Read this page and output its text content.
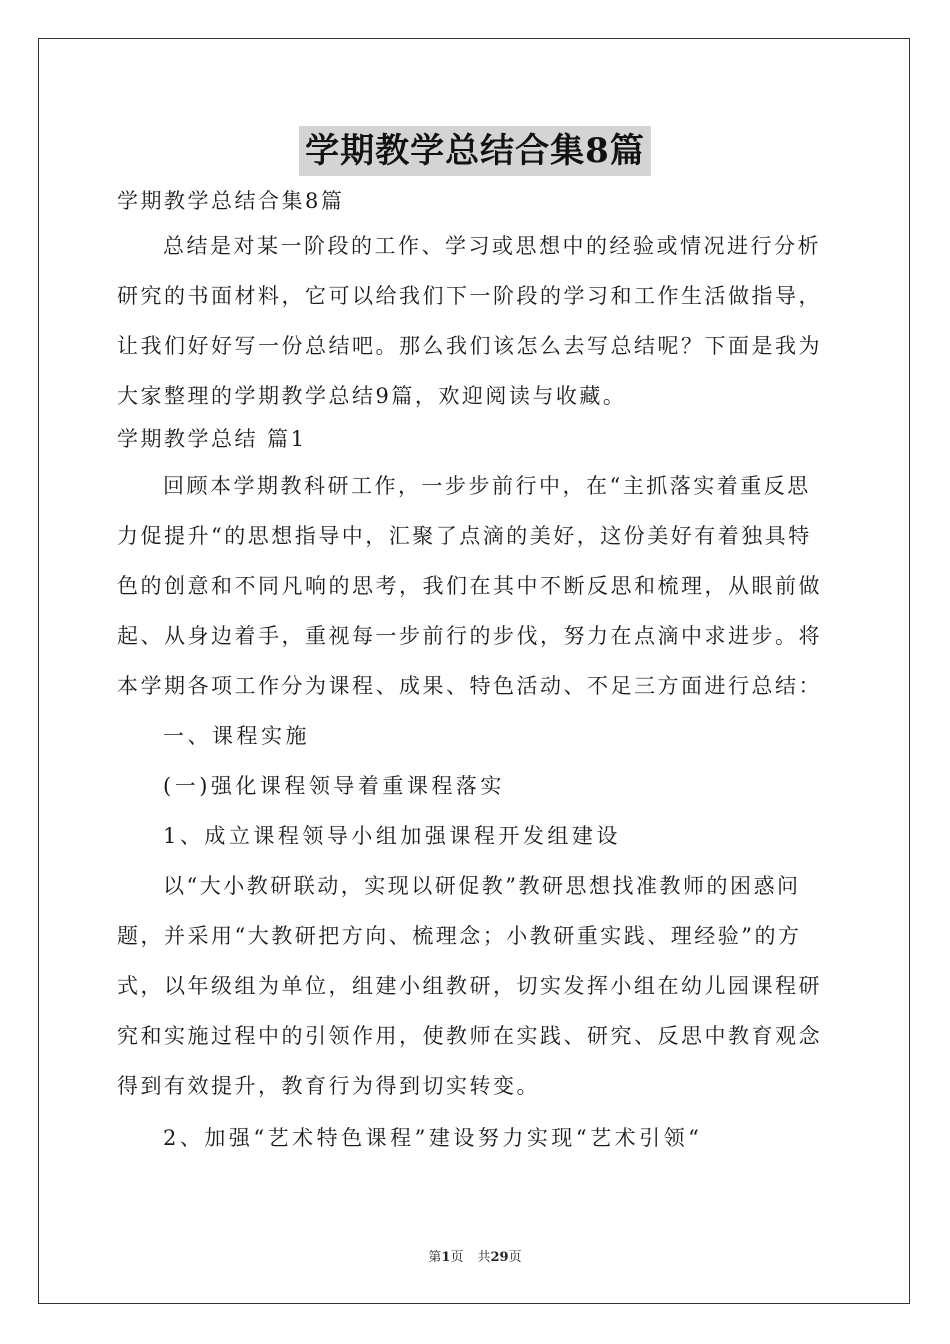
学期教学总结合集8篇

学期教学总结合集8篇

总结是对某一阶段的工作、学习或思想中的经验或情况进行分析

研究的书面材料，它可以给我们下一阶段的学习和工作生活做指导，

让我们好好写一份总结吧。那么我们该怎么去写总结呢？下面是我为

大家整理的学期教学总结9篇，欢迎阅读与收藏。

学期教学总结 篇1

回顾本学期教科研工作，一步步前行中，在“主抓落实着重反思

力促提升“的思想指导中，汇聚了点滴的美好，这份美好有着独具特

色的创意和不同凡响的思考，我们在其中不断反思和梳理，从眼前做

起、从身边着手，重视每一步前行的步伐，努力在点滴中求进步。将

本学期各项工作分为课程、成果、特色活动、不足三方面进行总结：

一、课程实施

(一)强化课程领导着重课程落实

1、成立课程领导小组加强课程开发组建设

以“大小教研联动，实现以研促教”教研思想找准教师的困惑问

题，并采用“大教研把方向、梳理念；小教研重实践、理经验”的方

式，以年级组为单位，组建小组教研，切实发挥小组在幼儿园课程研

究和实施过程中的引领作用，使教师在实践、研究、反思中教育观念

得到有效提升，教育行为得到切实转变。

2、加强“艺术特色课程”建设努力实现“艺术引领“

第1页 共29页
